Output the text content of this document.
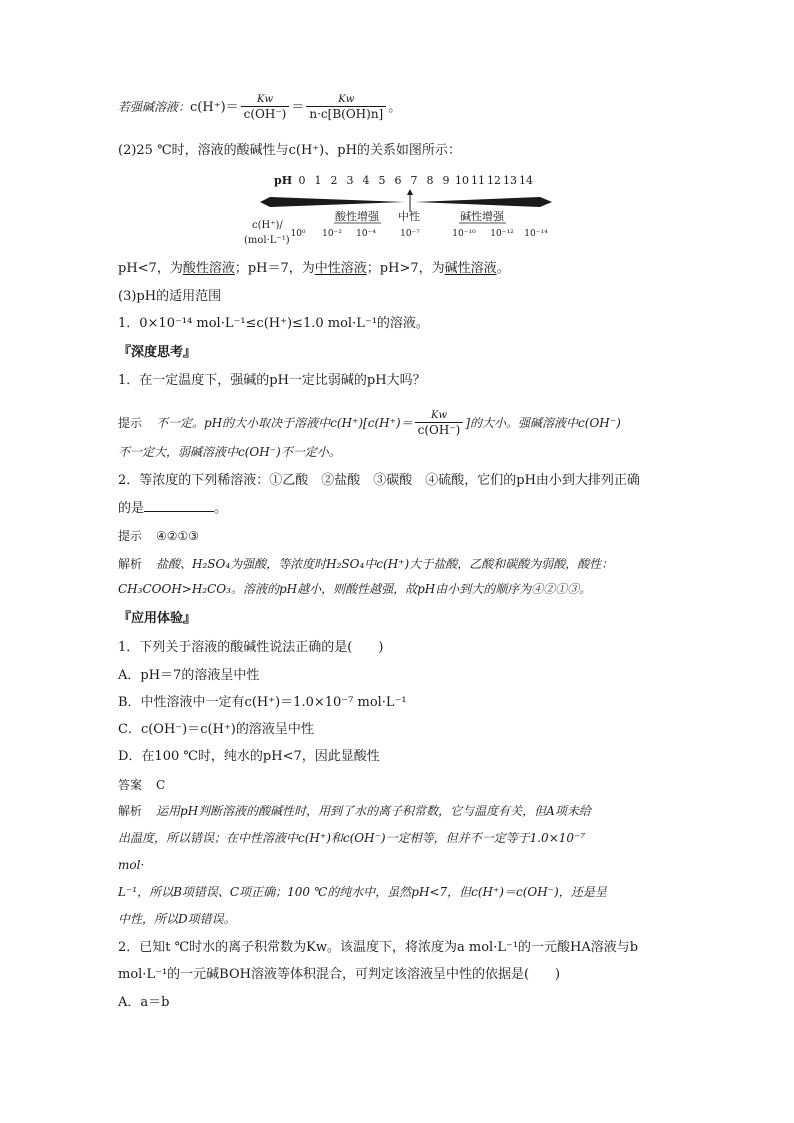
若强碱溶液：$c(H^+)= \frac{Kw}{c(OH^-)} = \frac{Kw}{n\cdot c[B(OH)n]}$ 。
(2)25 ℃时，溶液的酸碱性与c(H⁺)、pH的关系如图所示：
pH 0 1 2 3 4 5 6 7 8 9 10 11 12 13 14
酸性增强 中性	碱性增强
c(H⁺)/
(mol·L⁻¹)
10⁰ 10⁻² 10⁻⁴	10⁻⁷	10⁻¹⁰ 10⁻¹² 10⁻¹⁴
pH<7，为酸性溶液；pH＝7，为中性溶液；pH>7，为碱性溶液。
(3)pH的适用范围
1．0×10⁻¹⁴ mol·L⁻¹≤c(H⁺)≤1.0 mol·L⁻¹的溶液。
『深度思考』
1．在一定温度下，强碱的pH一定比弱碱的pH大吗？
提示 不一定。pH的大小取决于溶液中$c(H^+)[c(H^+)= \frac{Kw}{c(OH^-)}$ ]的大小。强碱溶液中c(OH⁻)
不一定大，弱碱溶液中c(OH⁻)不一定小。
2．等浓度的下列稀溶液：①乙酸　②盐酸　③碳酸　④硫酸，它们的pH由小到大排列正确
的是	。
提示 ④②①③
解析 盐酸、H₂SO₄为强酸，等浓度时H₂SO₄中c(H⁺)大于盐酸，乙酸和碳酸为弱酸，酸性：
CH₃COOH>H₂CO₃。溶液的pH越小，则酸性越强，故pH由小到大的顺序为④②①③。
『应用体验』
1．下列关于溶液的酸碱性说法正确的是(　　)
A．pH＝7的溶液呈中性
B．中性溶液中一定有c(H⁺)＝1.0×10⁻⁷ mol·L⁻¹
C．c(OH⁻)＝c(H⁺)的溶液呈中性
D．在100 ℃时，纯水的pH<7，因此显酸性
答案 C
解析 运用pH判断溶液的酸碱性时，用到了水的离子积常数，它与温度有关，但A项未给
出温度，所以错误；在中性溶液中c(H⁺)和c(OH⁻)一定相等，但并不一定等于1.0×10⁻⁷
mol·
L⁻¹，所以B项错误、C项正确；100 ℃的纯水中，虽然pH<7，但c(H⁺)＝c(OH⁻)，还是呈
中性，所以D项错误。
2．已知t ℃时水的离子积常数为Kw。该温度下，将浓度为a mol·L⁻¹的一元酸HA溶液与b
mol·L⁻¹的一元碱BOH溶液等体积混合，可判定该溶液呈中性的依据是(　　)
A．a＝b
